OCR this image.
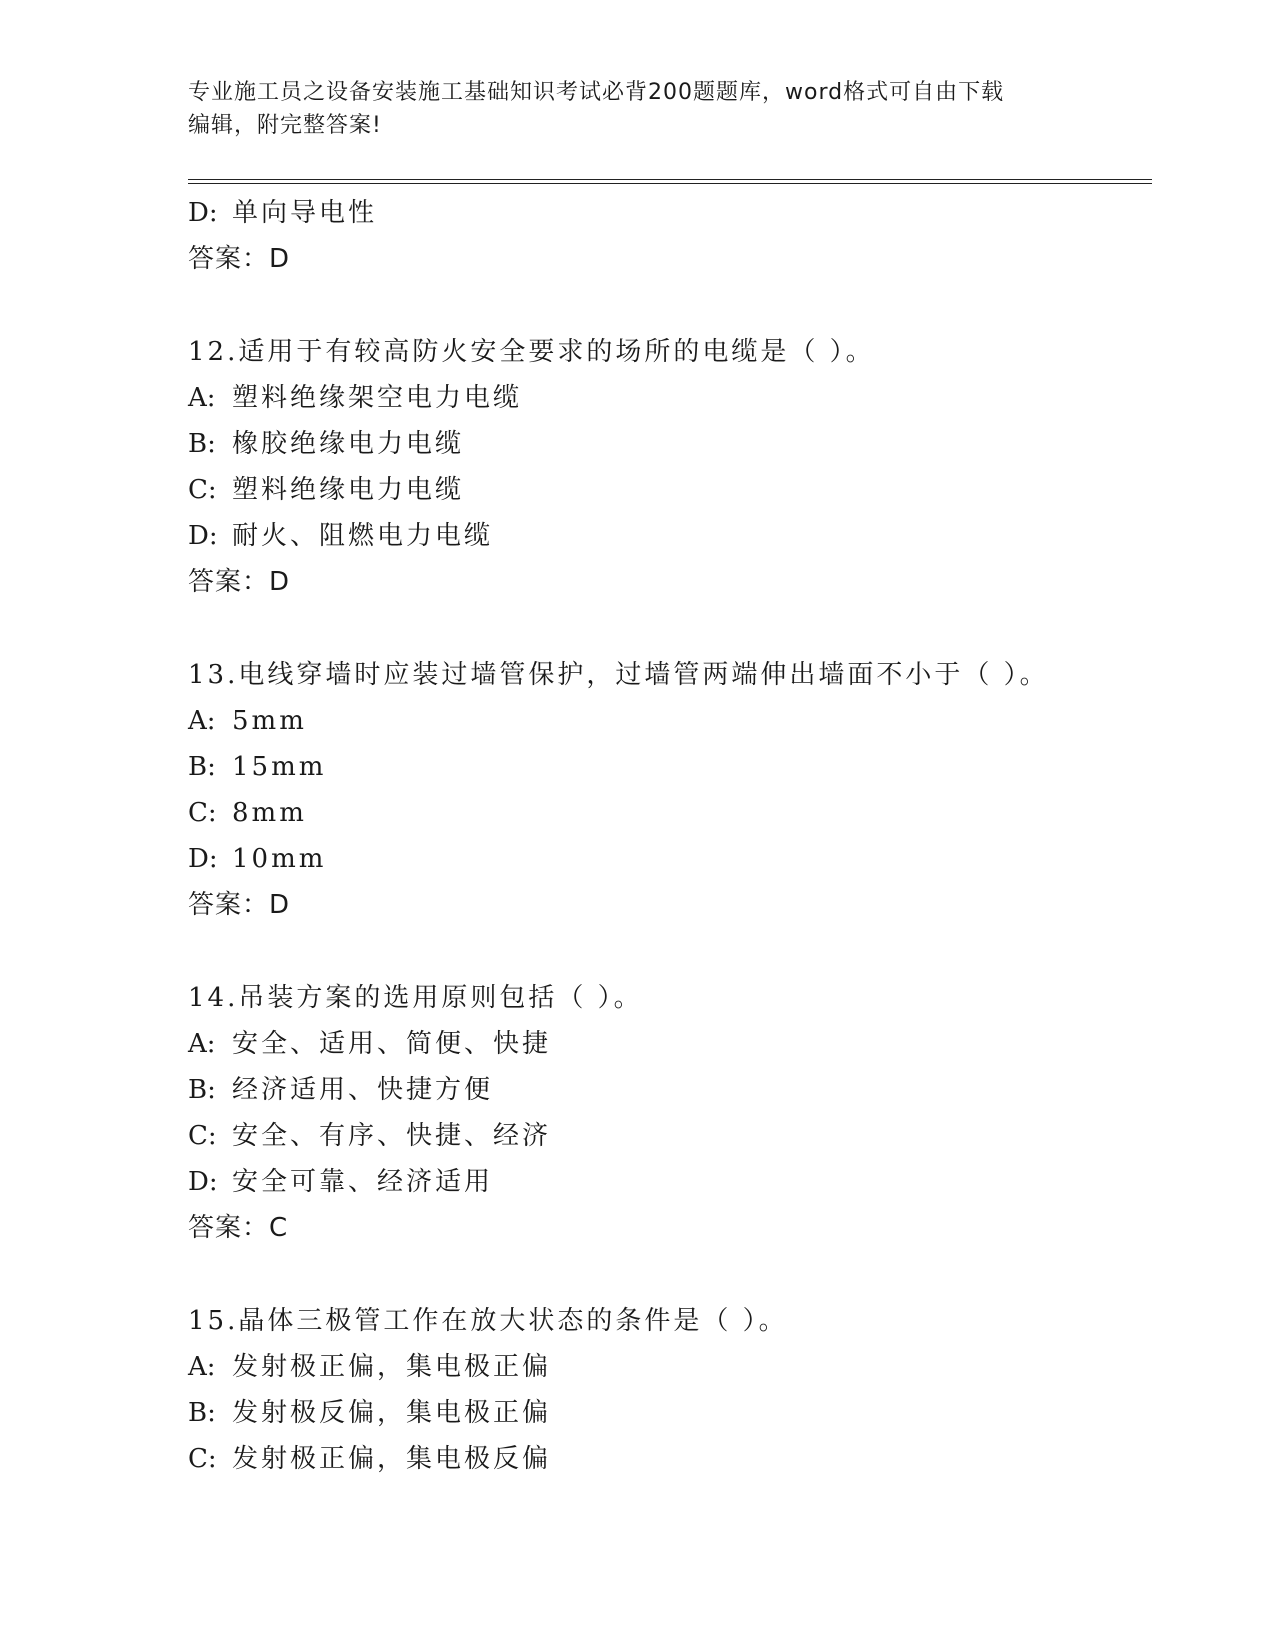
专业施工员之设备安装施工基础知识考试必背200题题库，word格式可自由下载
编辑，附完整答案!
D: 单向导电性
答案：D
12.适用于有较高防火安全要求的场所的电缆是（ ）。
A: 塑料绝缘架空电力电缆
B: 橡胶绝缘电力电缆
C: 塑料绝缘电力电缆
D: 耐火、阻燃电力电缆
答案：D
13.电线穿墙时应装过墙管保护，过墙管两端伸出墙面不小于（ ）。
A: 5mm
B: 15mm
C: 8mm
D: 10mm
答案：D
14.吊装方案的选用原则包括（ ）。
A: 安全、适用、简便、快捷
B: 经济适用、快捷方便
C: 安全、有序、快捷、经济
D: 安全可靠、经济适用
答案：C
15.晶体三极管工作在放大状态的条件是（ ）。
A: 发射极正偏，集电极正偏
B: 发射极反偏，集电极正偏
C: 发射极正偏，集电极反偏
